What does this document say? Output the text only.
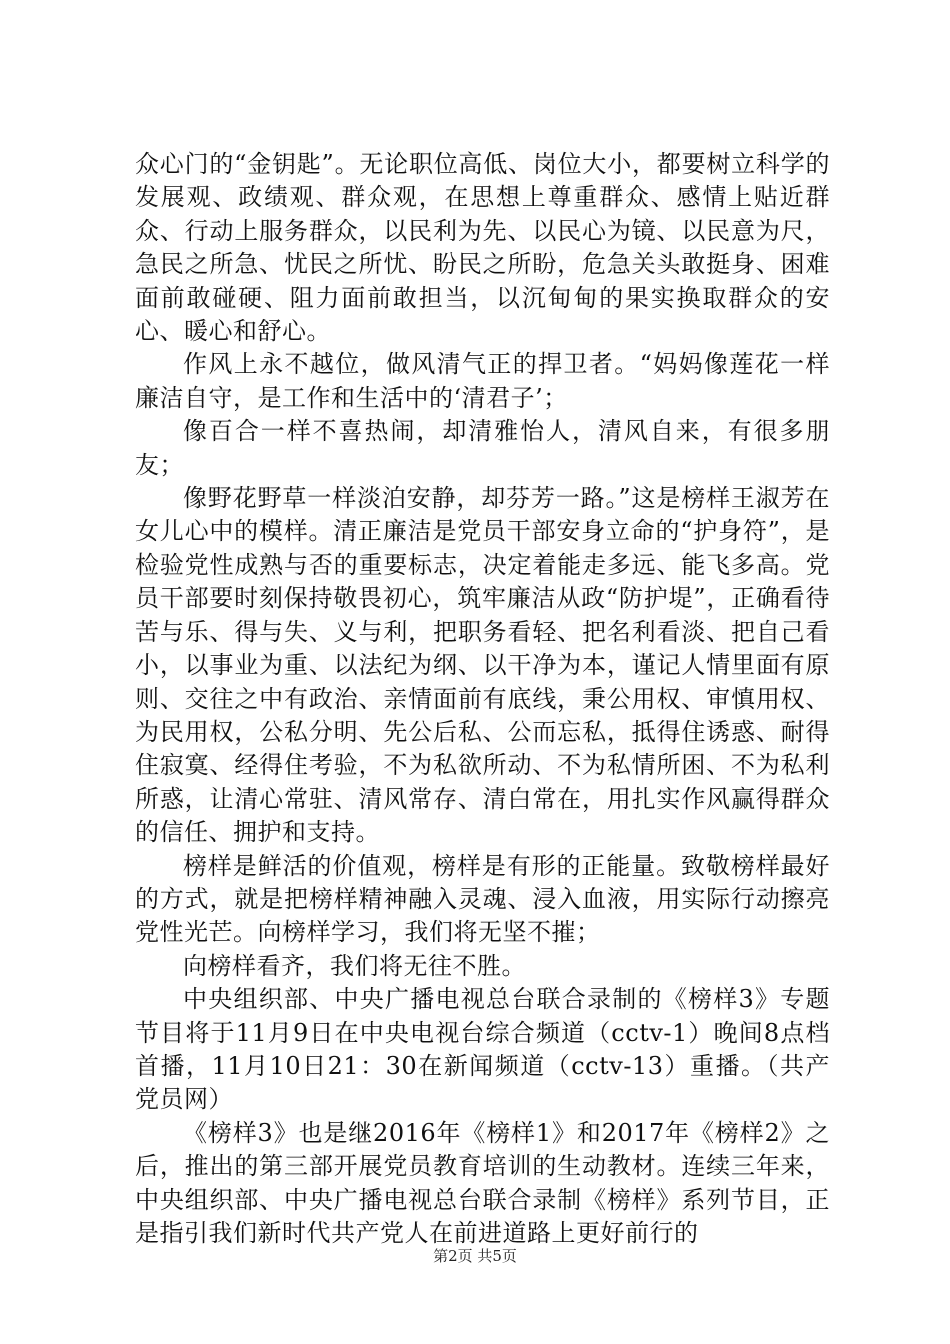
众心门的“金钥匙”。无论职位高低、岗位大小，都要树立科学的发展观、政绩观、群众观，在思想上尊重群众、感情上贴近群众、行动上服务群众，以民利为先、以民心为镜、以民意为尺，急民之所急、忧民之所忧、盼民之所盼，危急关头敢挺身、困难面前敢碰硬、阻力面前敢担当，以沉甸甸的果实换取群众的安心、暖心和舒心。

作风上永不越位，做风清气正的捍卫者。“妈妈像莲花一样廉洁自守，是工作和生活中的‘清君子’；

像百合一样不喜热闹，却清雅怡人，清风自来，有很多朋友；

像野花野草一样淡泊安静，却芬芳一路。”这是榜样王淑芳在女儿心中的模样。清正廉洁是党员干部安身立命的“护身符”，是检验党性成熟与否的重要标志，决定着能走多远、能飞多高。党员干部要时刻保持敬畏初心，筑牢廉洁从政“防护堤”，正确看待苦与乐、得与失、义与利，把职务看轻、把名利看淡、把自己看小，以事业为重、以法纪为纲、以干净为本，谨记人情里面有原则、交往之中有政治、亲情面前有底线，秉公用权、审慎用权、为民用权，公私分明、先公后私、公而忘私，抵得住诱惑、耐得住寂寞、经得住考验，不为私欲所动、不为私情所困、不为私利所惑，让清心常驻、清风常存、清白常在，用扎实作风赢得群众的信任、拥护和支持。

榜样是鲜活的价值观，榜样是有形的正能量。致敬榜样最好的方式，就是把榜样精神融入灵魂、浸入血液，用实际行动擦亮党性光芒。向榜样学习，我们将无坚不摧；

向榜样看齐，我们将无往不胜。

中央组织部、中央广播电视总台联合录制的《榜样3》专题节目将于11月9日在中央电视台综合频道（cctv-1）晚间8点档首播，11月10日21：30在新闻频道（cctv-13）重播。（共产党员网）

《榜样3》也是继2016年《榜样1》和2017年《榜样2》之后，推出的第三部开展党员教育培训的生动教材。连续三年来，中央组织部、中央广播电视总台联合录制《榜样》系列节目，正是指引我们新时代共产党人在前进道路上更好前行的

第2页 共5页
